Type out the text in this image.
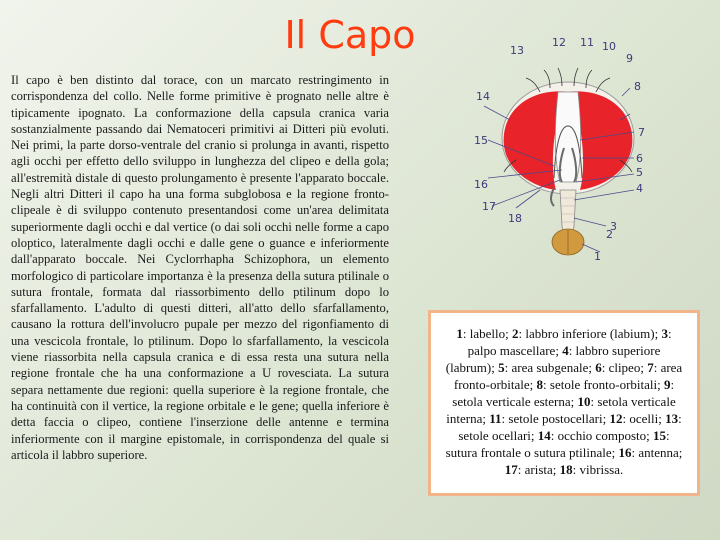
Il Capo
Il capo è ben distinto dal torace, con un marcato restringimento in corrispondenza del collo. Nelle forme primitive è prognato nelle altre è tipicamente ipognato. La conformazione della capsula cranica varia sostanzialmente passando dai Nematoceri primitivi ai Ditteri più evoluti. Nei primi, la parte dorso-ventrale del cranio si prolunga in avanti, rispetto agli occhi per effetto dello sviluppo in lunghezza del clipeo e della gola; all'estremità distale di questo prolungamento è presente l'apparato boccale. Negli altri Ditteri il capo ha una forma subglobosa e la regione fronto-clipeale è di sviluppo contenuto presentandosi come un'area delimitata superiormente dagli occhi e dal vertice (o dai soli occhi nelle forme a capo oloptico, lateralmente dagli occhi e dalle gene o guance e inferiormente dall'apparato boccale. Nei Cyclorrhapha Schizophora, un elemento morfologico di particolare importanza è la presenza della sutura ptilinale o sutura frontale, formata dal riassorbimento dello ptilinum dopo lo sfarfallamento. L'adulto di questi ditteri, all'atto dello sfarfallamento, causano la rottura dell'involucro pupale per mezzo del rigonfiamento di una vescicola frontale, lo ptilinum. Dopo lo sfarfallamento, la vescicola viene riassorbita nella capsula cranica e di essa resta una sutura nella regione frontale che ha una conformazione a U rovesciata. La sutura separa nettamente due regioni: quella superiore è la regione frontale, che ha continuità con il vertice, la regione orbitale e le gene; quella inferiore è detta faccia o clipeo, contiene l'inserzione delle antenne e termina inferiormente con il margine epistomale, in corrispondenza del quale si articola il labbro superiore.
13
12 11 10
9
8
14
7
15
6
5
16	4
17
18
3
2
1
1: labello; 2: labbro inferiore (labium); 3: palpo mascellare; 4: labbro superiore (labrum); 5: area subgenale; 6: clipeo; 7: area fronto-orbitale; 8: setole fronto-orbitali; 9: setola verticale esterna; 10: setola verticale interna; 11: setole postocellari; 12: ocelli; 13: setole ocellari; 14: occhio composto; 15: sutura frontale o sutura ptilinale; 16: antenna; 17: arista; 18: vibrissa.
